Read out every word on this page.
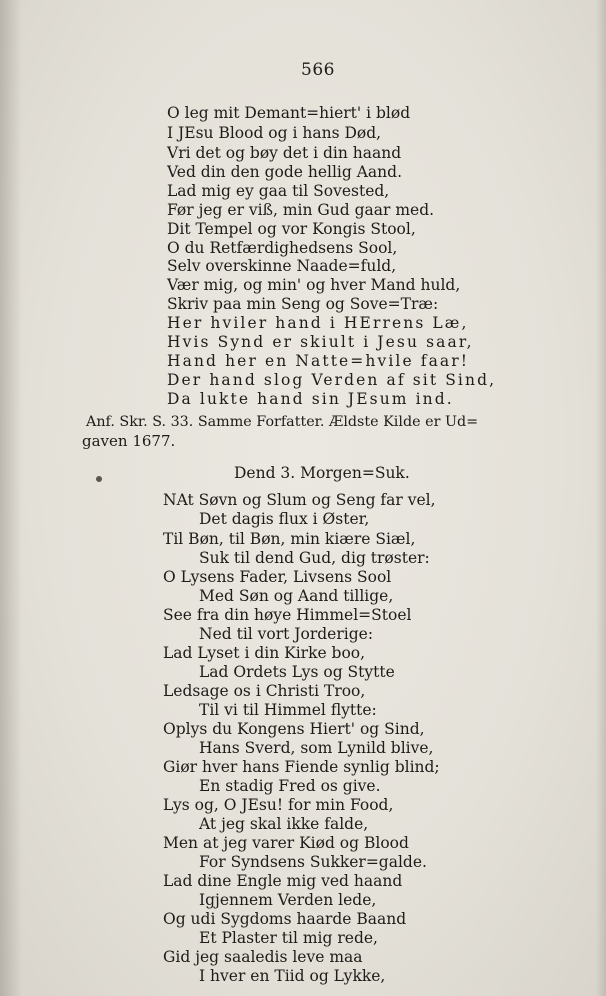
566
O leg mit Demant=hiert' i blød
I JEsu Blood og i hans Død,
Vri det og bøy det i din haand
Ved din den gode hellig Aand.
Lad mig ey gaa til Sovested,
Før jeg er viß, min Gud gaar med.
Dit Tempel og vor Kongis Stool,
O du Retfærdighedsens Sool,
Selv overskinne Naade=fuld,
Vær mig, og min' og hver Mand huld,
Skriv paa min Seng og Sove=Træ:
Her hviler hand i HErrens Læ,
Hvis Synd er skiult i Jesu saar,
Hand her en Natte=hvile faar!
Der hand slog Verden af sit Sind,
Da lukte hand sin JEsum ind.
Anf. Skr. S. 33. Samme Forfatter. Ældste Kilde er Ud=
gaven 1677.
Dend 3. Morgen=Suk.
NAt Søvn og Slum og Seng far vel,
Det dagis flux i Øster,
Til Bøn, til Bøn, min kiære Siæl,
Suk til dend Gud, dig trøster:
O Lysens Fader, Livsens Sool
Med Søn og Aand tillige,
See fra din høye Himmel=Stoel
Ned til vort Jorderige:
Lad Lyset i din Kirke boo,
Lad Ordets Lys og Stytte
Ledsage os i Christi Troo,
Til vi til Himmel flytte:
Oplys du Kongens Hiert' og Sind,
Hans Sverd, som Lynild blive,
Giør hver hans Fiende synlig blind;
En stadig Fred os give.
Lys og, O JEsu! for min Food,
At jeg skal ikke falde,
Men at jeg varer Kiød og Blood
For Syndsens Sukker=galde.
Lad dine Engle mig ved haand
Igjennem Verden lede,
Og udi Sygdoms haarde Baand
Et Plaster til mig rede,
Gid jeg saaledis leve maa
I hver en Tiid og Lykke,
